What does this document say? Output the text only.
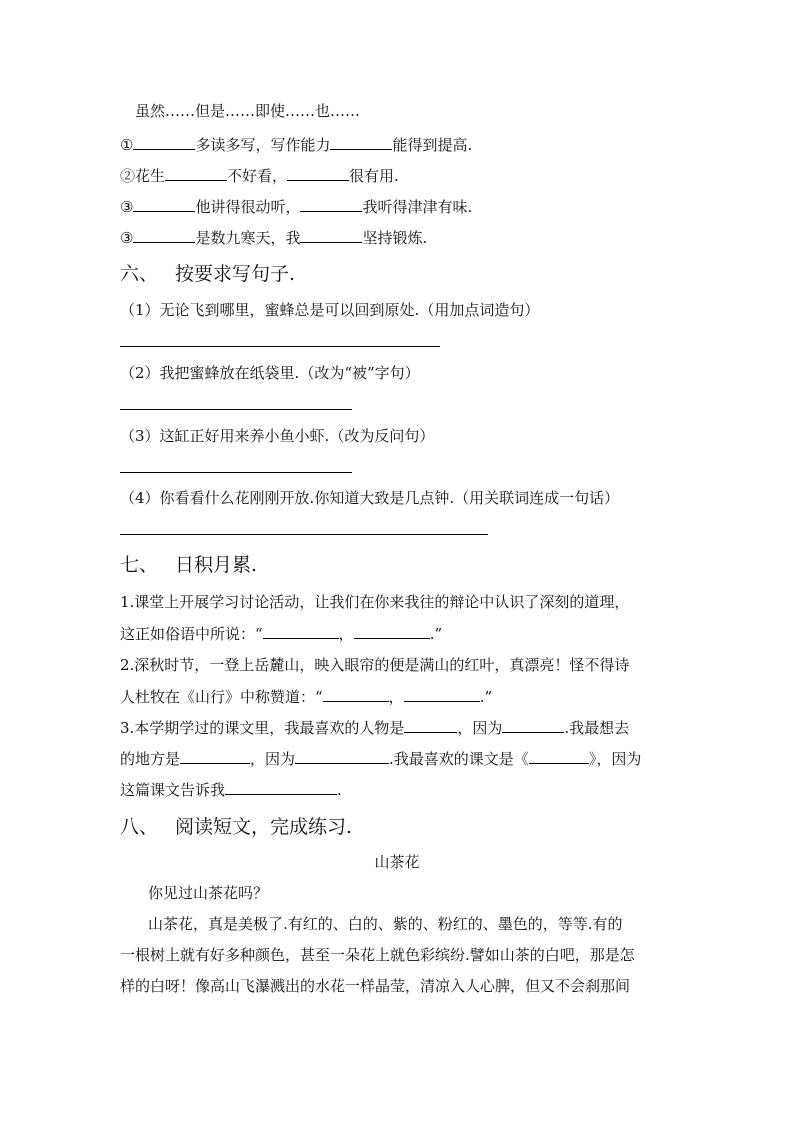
虽然……但是……即使……也……
①	多读多写，写作能力	能得到提高.
②花生	不好看，	很有用.
③	他讲得很动听，	我听得津津有味.
③	是数九寒天，我	坚持锻炼.
六、 按要求写句子.
（1）无论飞到哪里，蜜蜂总是可以回到原处.（用加点词造句）
（2）我把蜜蜂放在纸袋里.（改为“被”字句）
（3）这缸正好用来养小鱼小虾.（改为反问句）
（4）你看看什么花刚刚开放.你知道大致是几点钟.（用关联词连成一句话）
七、 日积月累.
1.课堂上开展学习讨论活动，让我们在你来我往的辩论中认识了深刻的道理，
这正如俗语中所说：“	，	.”
2.深秋时节，一登上岳麓山，映入眼帘的便是满山的红叶，真漂亮！怪不得诗
人杜牧在《山行》中称赞道：“	，	.”
3.本学期学过的课文里，我最喜欢的人物是	，因为	.我最想去
的地方是	，因为	.我最喜欢的课文是《	》，因为
这篇课文告诉我	.
八、 阅读短文，完成练习.
山茶花
你见过山茶花吗？
山茶花，真是美极了.有红的、白的、紫的、粉红的、墨色的，等等.有的
一根树上就有好多种颜色，甚至一朵花上就色彩缤纷.譬如山茶的白吧，那是怎
样的白呀！像高山飞瀑溅出的水花一样晶莹，清凉入人心脾，但又不会刹那间
